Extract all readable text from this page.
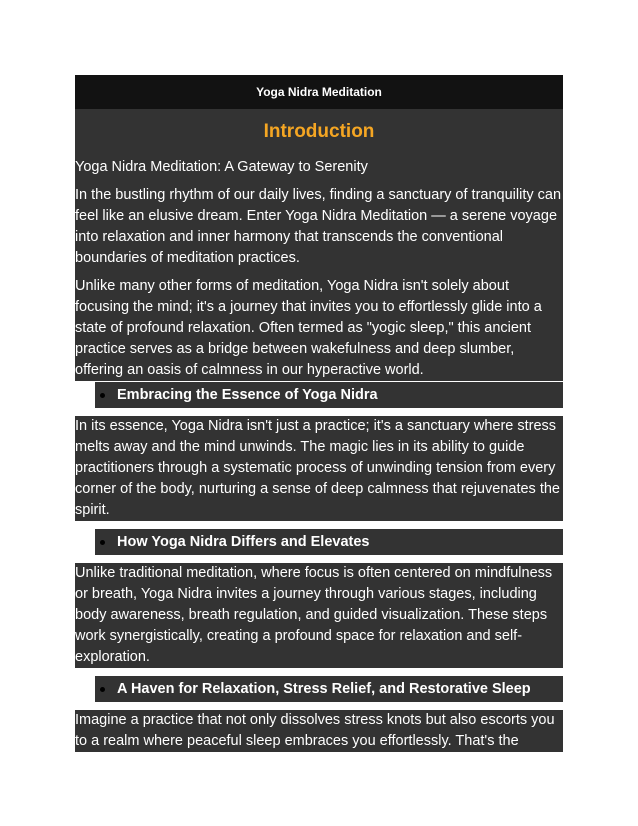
Yoga Nidra Meditation
Introduction

Yoga Nidra Meditation: A Gateway to Serenity

In the bustling rhythm of our daily lives, finding a sanctuary of tranquility can feel like an elusive dream. Enter Yoga Nidra Meditation — a serene voyage into relaxation and inner harmony that transcends the conventional boundaries of meditation practices.

Unlike many other forms of meditation, Yoga Nidra isn't solely about focusing the mind; it's a journey that invites you to effortlessly glide into a state of profound relaxation. Often termed as "yogic sleep," this ancient practice serves as a bridge between wakefulness and deep slumber, offering an oasis of calmness in our hyperactive world.

Embracing the Essence of Yoga Nidra

In its essence, Yoga Nidra isn't just a practice; it's a sanctuary where stress melts away and the mind unwinds. The magic lies in its ability to guide practitioners through a systematic process of unwinding tension from every corner of the body, nurturing a sense of deep calmness that rejuvenates the spirit.

How Yoga Nidra Differs and Elevates

Unlike traditional meditation, where focus is often centered on mindfulness or breath, Yoga Nidra invites a journey through various stages, including body awareness, breath regulation, and guided visualization. These steps work synergistically, creating a profound space for relaxation and self-exploration.

A Haven for Relaxation, Stress Relief, and Restorative Sleep

Imagine a practice that not only dissolves stress knots but also escorts you to a realm where peaceful sleep embraces you effortlessly. That's the
